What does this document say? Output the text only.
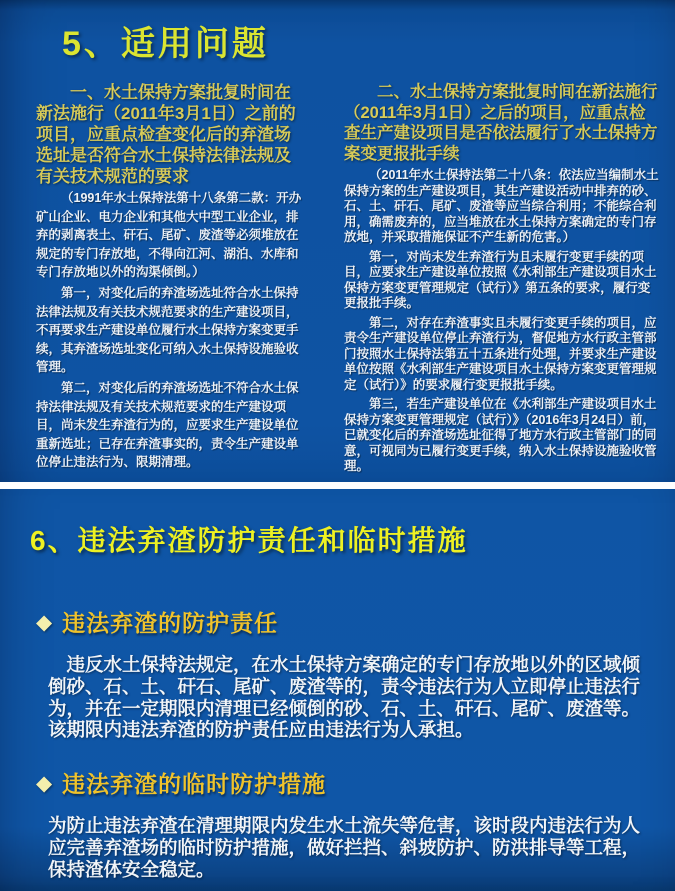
5、适用问题

一、水土保持方案批复时间在新法施行（2011年3月1日）之前的项目，应重点检查变化后的弃渣场选址是否符合水土保持法律法规及有关技术规范的要求

（1991年水土保持法第十八条第二款：开办矿山企业、电力企业和其他大中型工业企业，排弃的剥离表土、矸石、尾矿、废渣等必须堆放在规定的专门存放地，不得向江河、湖泊、水库和专门存放地以外的沟渠倾倒。）

第一，对变化后的弃渣场选址符合水土保持法律法规及有关技术规范要求的生产建设项目，不再要求生产建设单位履行水土保持方案变更手续，其弃渣场选址变化可纳入水土保持设施验收管理。

第二，对变化后的弃渣场选址不符合水土保持法律法规及有关技术规范要求的生产建设项目，尚未发生弃渣行为的，应要求生产建设单位重新选址；已存在弃渣事实的，责令生产建设单位停止违法行为、限期清理。

二、水土保持方案批复时间在新法施行（2011年3月1日）之后的项目，应重点检查生产建设项目是否依法履行了水土保持方案变更报批手续

（2011年水土保持法第二十八条：依法应当编制水土保持方案的生产建设项目，其生产建设活动中排弃的砂、石、土、矸石、尾矿、废渣等应当综合利用；不能综合利用，确需废弃的，应当堆放在水土保持方案确定的专门存放地，并采取措施保证不产生新的危害。）

第一，对尚未发生弃渣行为且未履行变更手续的项目，应要求生产建设单位按照《水利部生产建设项目水土保持方案变更管理规定（试行）》第五条的要求，履行变更报批手续。

第二，对存在弃渣事实且未履行变更手续的项目，应责令生产建设单位停止弃渣行为，督促地方水行政主管部门按照水土保持法第五十五条进行处理，并要求生产建设单位按照《水利部生产建设项目水土保持方案变更管理规定（试行）》的要求履行变更报批手续。

第三，若生产建设单位在《水利部生产建设项目水土保持方案变更管理规定（试行）》（2016年3月24日）前，已就变化后的弃渣场选址征得了地方水行政主管部门的同意，可视同为已履行变更手续，纳入水土保持设施验收管理。

6、违法弃渣防护责任和临时措施
◆ 违法弃渣的防护责任

违反水土保持法规定，在水土保持方案确定的专门存放地以外的区域倾倒砂、石、土、矸石、尾矿、废渣等的，责令违法行为人立即停止违法行为，并在一定期限内清理已经倾倒的砂、石、土、矸石、尾矿、废渣等。该期限内违法弃渣的防护责任应由违法行为人承担。

◆ 违法弃渣的临时防护措施

为防止违法弃渣在清理期限内发生水土流失等危害，该时段内违法行为人应完善弃渣场的临时防护措施，做好拦挡、斜坡防护、防洪排导等工程，保持渣体安全稳定。
